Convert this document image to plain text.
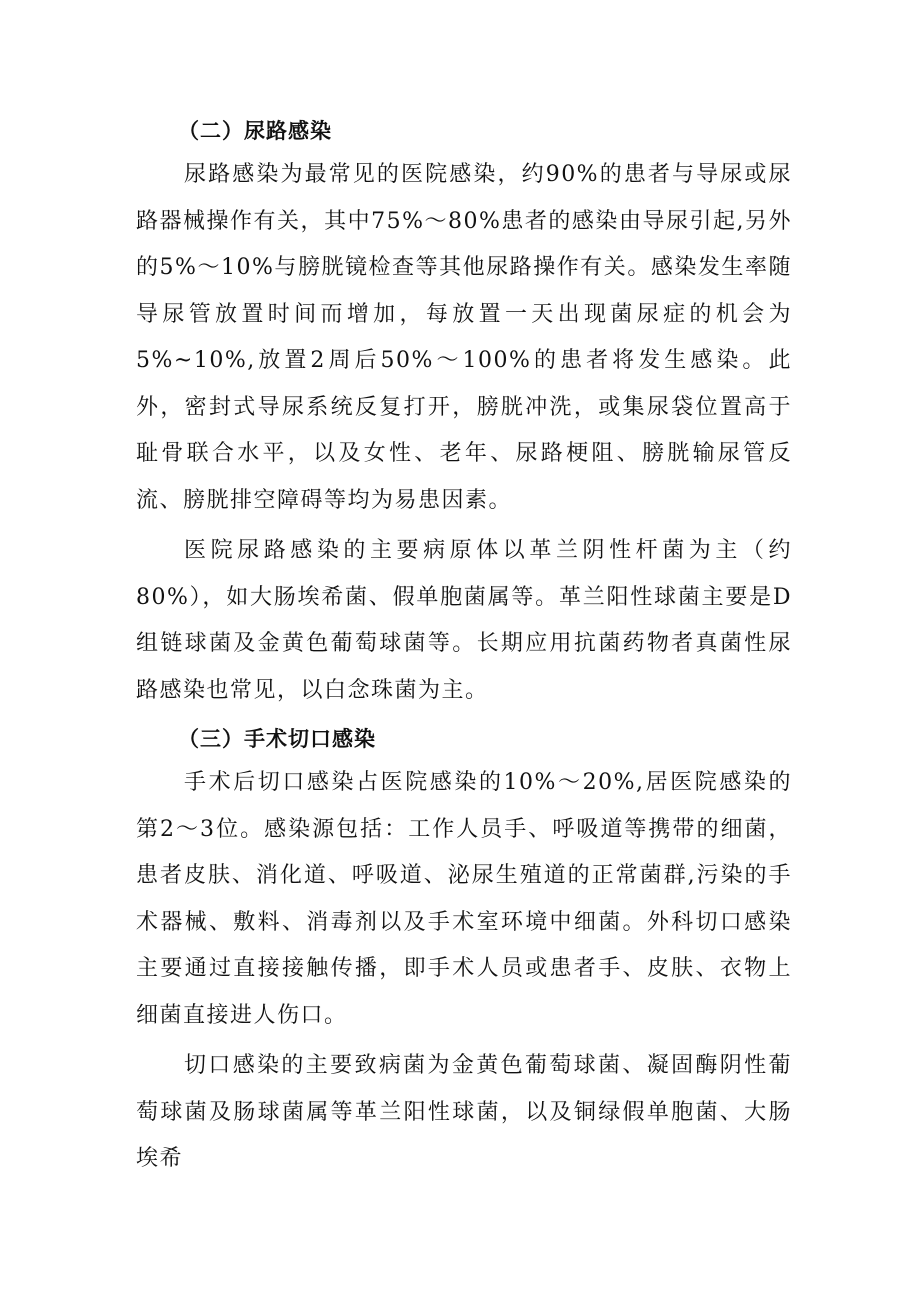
（二）尿路感染

尿路感染为最常见的医院感染，约90%的患者与导尿或尿路器械操作有关，其中75%～80%患者的感染由导尿引起,另外的5%～10%与膀胱镜检查等其他尿路操作有关。感染发生率随导尿管放置时间而增加，每放置一天出现菌尿症的机会为5%~10%,放置2周后50%～100%的患者将发生感染。此外，密封式导尿系统反复打开，膀胱冲洗，或集尿袋位置高于耻骨联合水平，以及女性、老年、尿路梗阻、膀胱输尿管反流、膀胱排空障碍等均为易患因素。

医院尿路感染的主要病原体以革兰阴性杆菌为主（约80%），如大肠埃希菌、假单胞菌属等。革兰阳性球菌主要是D组链球菌及金黄色葡萄球菌等。长期应用抗菌药物者真菌性尿路感染也常见，以白念珠菌为主。

（三）手术切口感染

手术后切口感染占医院感染的10%～20%,居医院感染的第2～3位。感染源包括：工作人员手、呼吸道等携带的细菌，患者皮肤、消化道、呼吸道、泌尿生殖道的正常菌群,污染的手术器械、敷料、消毒剂以及手术室环境中细菌。外科切口感染主要通过直接接触传播，即手术人员或患者手、皮肤、衣物上细菌直接进人伤口。

切口感染的主要致病菌为金黄色葡萄球菌、凝固酶阴性葡萄球菌及肠球菌属等革兰阳性球菌，以及铜绿假单胞菌、大肠埃希
